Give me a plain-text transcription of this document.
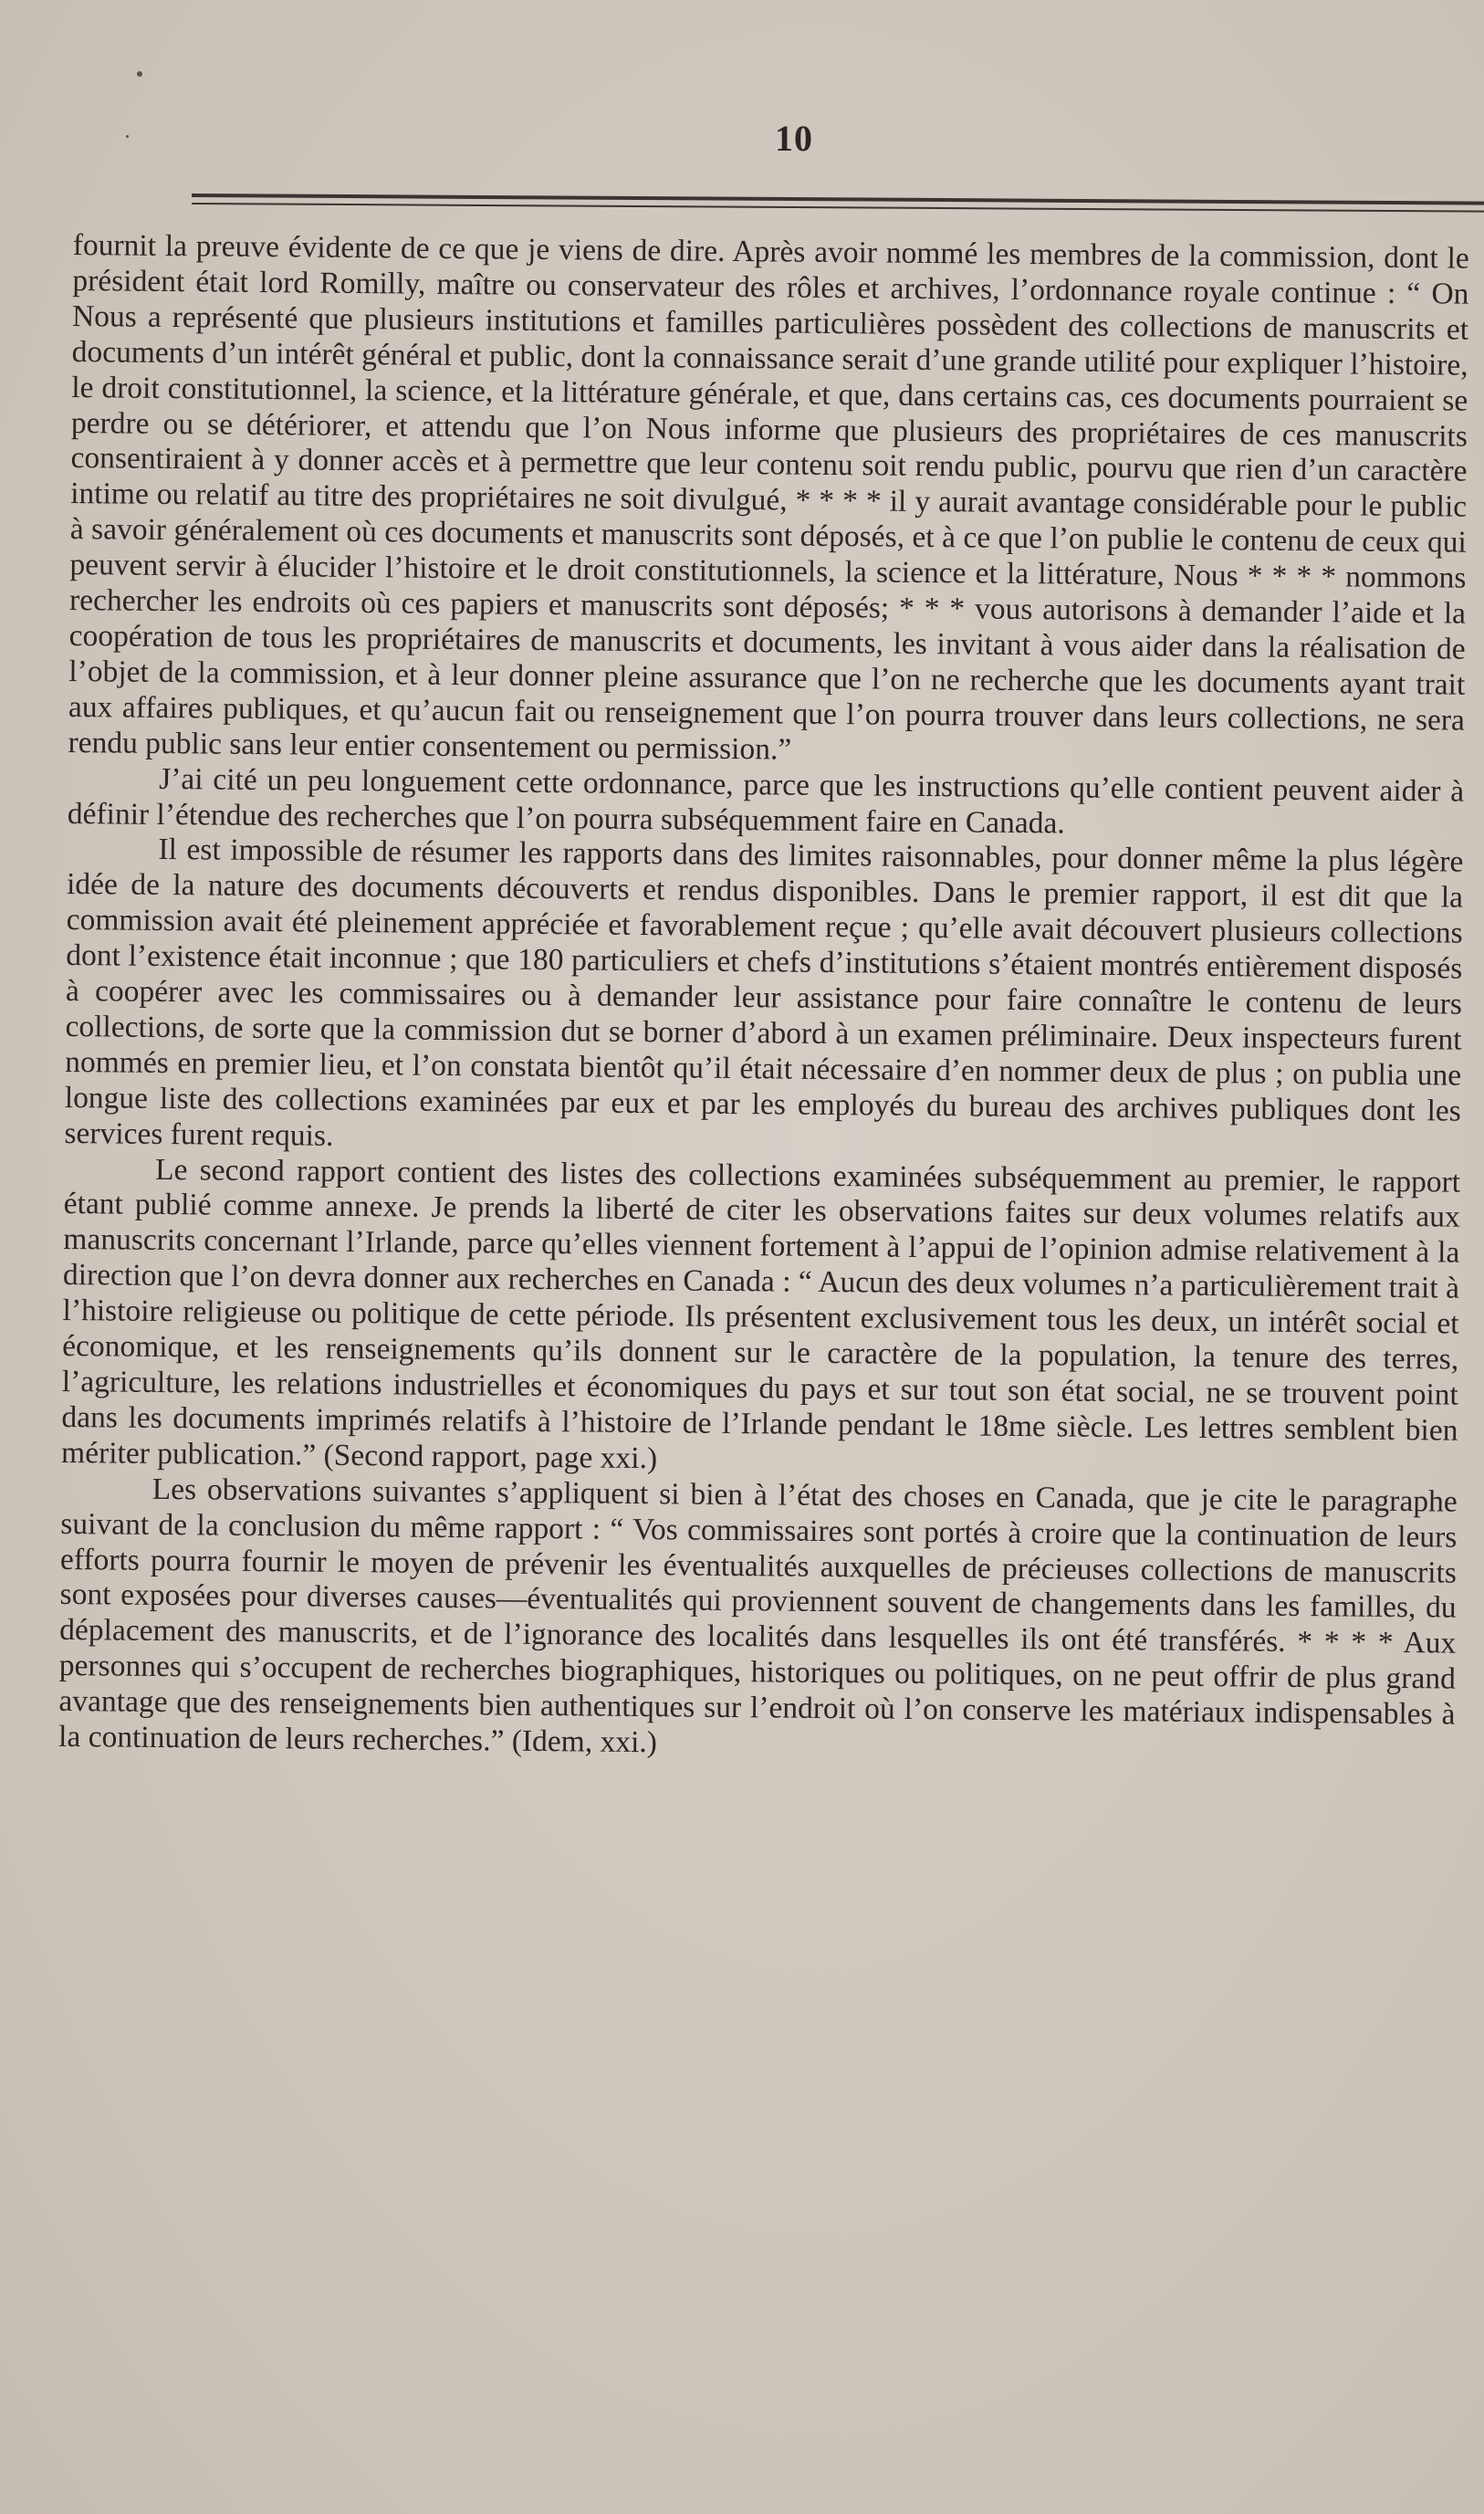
10

fournit la preuve évidente de ce que je viens de dire. Après avoir nommé les membres de la commission, dont le président était lord Romilly, maître ou conservateur des rôles et archives, l’ordonnance royale continue : “ On Nous a représenté que plusieurs institutions et familles particulières possèdent des collections de manuscrits et documents d’un intérêt général et public, dont la connaissance serait d’une grande utilité pour expliquer l’histoire, le droit constitutionnel, la science, et la littérature générale, et que, dans certains cas, ces documents pourraient se perdre ou se détériorer, et attendu que l’on Nous informe que plusieurs des propriétaires de ces manuscrits consentiraient à y donner accès et à permettre que leur contenu soit rendu public, pourvu que rien d’un caractère intime ou relatif au titre des propriétaires ne soit divulgué, * * * * il y aurait avantage considérable pour le public à savoir généralement où ces documents et manuscrits sont déposés, et à ce que l’on publie le contenu de ceux qui peuvent servir à élucider l’histoire et le droit constitutionnels, la science et la littérature, Nous * * * * nommons rechercher les endroits où ces papiers et manuscrits sont déposés; * * * vous autorisons à demander l’aide et la coopération de tous les propriétaires de manuscrits et documents, les invitant à vous aider dans la réalisation de l’objet de la commission, et à leur donner pleine assurance que l’on ne recherche que les documents ayant trait aux affaires publiques, et qu’aucun fait ou renseignement que l’on pourra trouver dans leurs collections, ne sera rendu public sans leur entier consentement ou permission.”

J’ai cité un peu longuement cette ordonnance, parce que les instructions qu’elle contient peuvent aider à définir l’étendue des recherches que l’on pourra subséquemment faire en Canada.

Il est impossible de résumer les rapports dans des limites raisonnables, pour donner même la plus légère idée de la nature des documents découverts et rendus disponibles. Dans le premier rapport, il est dit que la commission avait été pleinement appréciée et favorablement reçue ; qu’elle avait découvert plusieurs collections dont l’existence était inconnue ; que 180 particuliers et chefs d’institutions s’étaient montrés entièrement disposés à coopérer avec les commissaires ou à demander leur assistance pour faire connaître le contenu de leurs collections, de sorte que la commission dut se borner d’abord à un examen préliminaire. Deux inspecteurs furent nommés en premier lieu, et l’on constata bientôt qu’il était nécessaire d’en nommer deux de plus ; on publia une longue liste des collections examinées par eux et par les employés du bureau des archives publiques dont les services furent requis.

Le second rapport contient des listes des collections examinées subséquemment au premier, le rapport étant publié comme annexe. Je prends la liberté de citer les observations faites sur deux volumes relatifs aux manuscrits concernant l’Irlande, parce qu’elles viennent fortement à l’appui de l’opinion admise relativement à la direction que l’on devra donner aux recherches en Canada : “ Aucun des deux volumes n’a particulièrement trait à l’histoire religieuse ou politique de cette période. Ils présentent exclusivement tous les deux, un intérêt social et économique, et les renseignements qu’ils donnent sur le caractère de la population, la tenure des terres, l’agriculture, les relations industrielles et économiques du pays et sur tout son état social, ne se trouvent point dans les documents imprimés relatifs à l’histoire de l’Irlande pendant le 18me siècle. Les lettres semblent bien mériter publication.” (Second rapport, page xxi.)

Les observations suivantes s’appliquent si bien à l’état des choses en Canada, que je cite le paragraphe suivant de la conclusion du même rapport : “ Vos commissaires sont portés à croire que la continuation de leurs efforts pourra fournir le moyen de prévenir les éventualités auxquelles de précieuses collections de manuscrits sont exposées pour diverses causes—éventualités qui proviennent souvent de changements dans les familles, du déplacement des manuscrits, et de l’ignorance des localités dans lesquelles ils ont été transférés. * * * * Aux personnes qui s’occupent de recherches biographiques, historiques ou politiques, on ne peut offrir de plus grand avantage que des renseignements bien authentiques sur l’endroit où l’on conserve les matériaux indispensables à la continuation de leurs recherches.” (Idem, xxi.)
